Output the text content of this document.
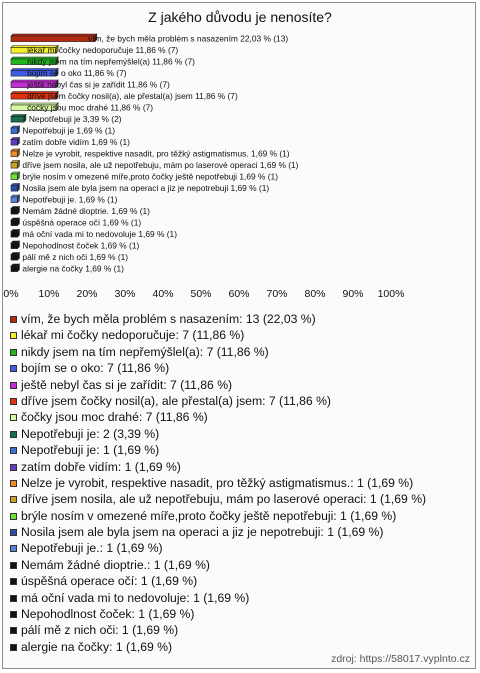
Z jakého důvodu je nenosíte?
vím, že bych měla problém s nasazením 22,03 % (13)
lékař mi čočky nedoporučuje 11,86 % (7)
nikdy jsem na tím nepřemýšlel(a) 11,86 % (7)
bojím se o oko 11,86 % (7)
ještě nebyl čas si je zařídit 11,86 % (7)
dříve jsem čočky nosil(a), ale přestal(a) jsem 11,86 % (7)
čočky jsou moc drahé 11,86 % (7)
Nepotřebuji je 3,39 % (2)
Nepotřebuji je 1,69 % (1)
zatím dobře vidím 1,69 % (1)
Nelze je vyrobit, respektive nasadit, pro těžký astigmatismus. 1,69 % (1)
dříve jsem nosila, ale už nepotřebuju, mám po laserové operaci 1,69 % (1)
brýle nosím v omezené míře,proto čočky ještě nepotřebuji 1,69 % (1)
Nosila jsem ale byla jsem na operaci a jiz je nepotrebuji 1,69 % (1)
Nepotřebuji je. 1,69 % (1)
Nemám žádné dioptrie. 1,69 % (1)
úspěšná operace očí 1,69 % (1)
má oční vada mi to nedovoluje 1,69 % (1)
Nepohodlnost čoček 1,69 % (1)
pálí mě z nich oči 1,69 % (1)
alergie na čočky 1,69 % (1)
0% 10% 20% 30% 40% 50% 60% 70% 80% 90% 100%
vím, že bych měla problém s nasazením: 13 (22,03 %)
lékař mi čočky nedoporučuje: 7 (11,86 %)
nikdy jsem na tím nepřemýšlel(a): 7 (11,86 %)
bojím se o oko: 7 (11,86 %)
ještě nebyl čas si je zařídit: 7 (11,86 %)
dříve jsem čočky nosil(a), ale přestal(a) jsem: 7 (11,86 %)
čočky jsou moc drahé: 7 (11,86 %)
Nepotřebuji je: 2 (3,39 %)
Nepotřebuji je: 1 (1,69 %)
zatím dobře vidím: 1 (1,69 %)
Nelze je vyrobit, respektive nasadit, pro těžký astigmatismus.: 1 (1,69 %)
dříve jsem nosila, ale už nepotřebuju, mám po laserové operaci: 1 (1,69 %)
brýle nosím v omezené míře,proto čočky ještě nepotřebuji: 1 (1,69 %)
Nosila jsem ale byla jsem na operaci a jiz je nepotrebuji: 1 (1,69 %)
Nepotřebuji je.: 1 (1,69 %)
Nemám žádné dioptrie.: 1 (1,69 %)
úspěšná operace očí: 1 (1,69 %)
má oční vada mi to nedovoluje: 1 (1,69 %)
Nepohodlnost čoček: 1 (1,69 %)
pálí mě z nich oči: 1 (1,69 %)
alergie na čočky: 1 (1,69 %)
zdroj: https://58017.vyplnto.cz
